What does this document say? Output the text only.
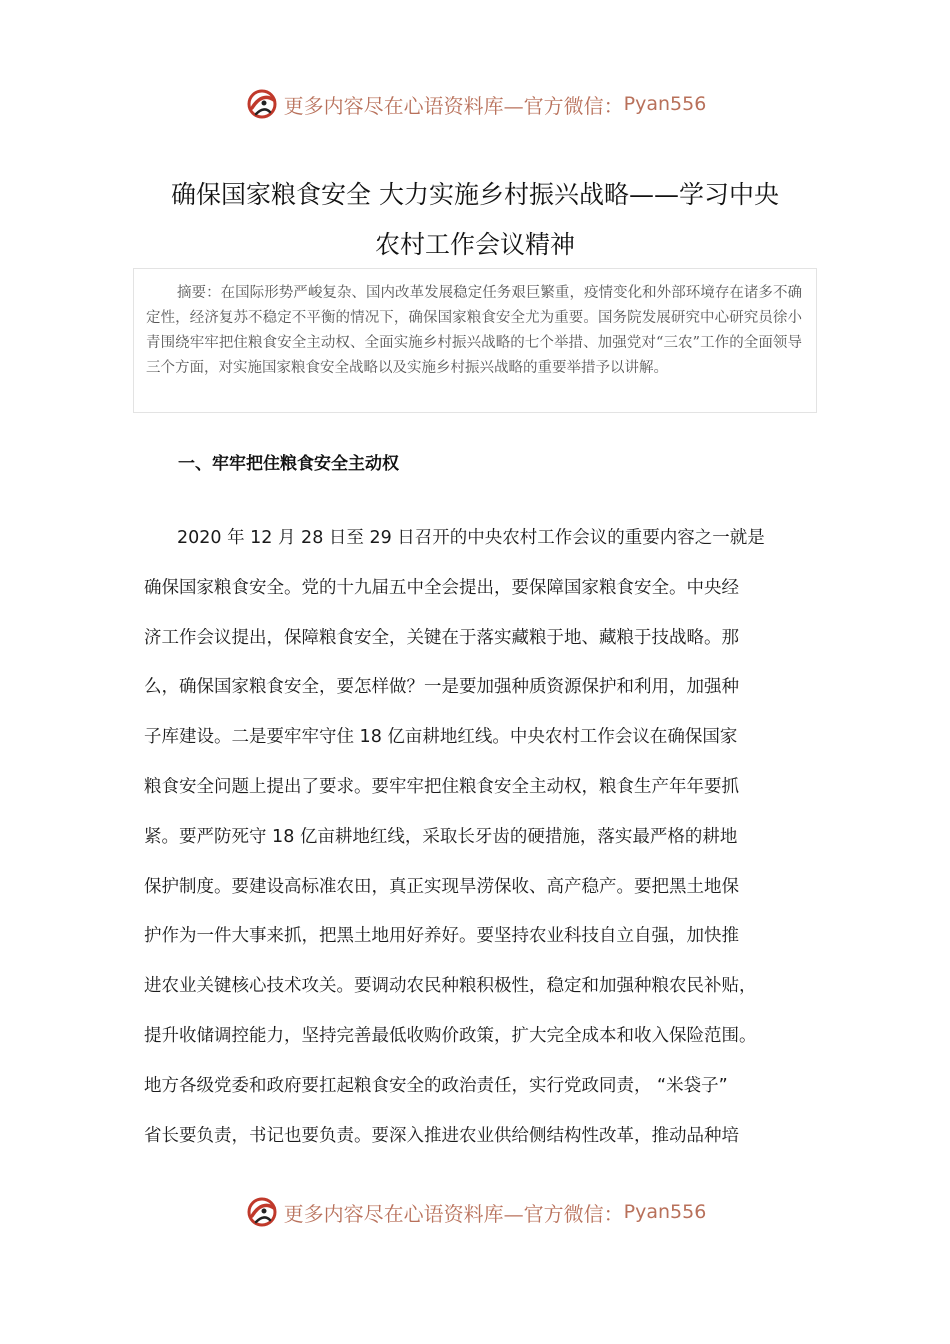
更多内容尽在心语资料库—官方微信： Pyan556
确保国家粮食安全 大力实施乡村振兴战略——学习中央
农村工作会议精神
摘要：在国际形势严峻复杂、国内改革发展稳定任务艰巨繁重，疫情变化和外部环境存在诸多不确定性，经济复苏不稳定不平衡的情况下，确保国家粮食安全尤为重要。国务院发展研究中心研究员徐小青围绕牢牢把住粮食安全主动权、全面实施乡村振兴战略的七个举措、加强党对“三农”工作的全面领导三个方面，对实施国家粮食安全战略以及实施乡村振兴战略的重要举措予以讲解。
一、牢牢把住粮食安全主动权
2020 年 12 月 28 日至 29 日召开的中央农村工作会议的重要内容之一就是
确保国家粮食安全。党的十九届五中全会提出，要保障国家粮食安全。中央经
济工作会议提出，保障粮食安全，关键在于落实藏粮于地、藏粮于技战略。那
么，确保国家粮食安全，要怎样做？一是要加强种质资源保护和利用，加强种
子库建设。二是要牢牢守住 18 亿亩耕地红线。中央农村工作会议在确保国家
粮食安全问题上提出了要求。要牢牢把住粮食安全主动权，粮食生产年年要抓
紧。要严防死守 18 亿亩耕地红线，采取长牙齿的硬措施，落实最严格的耕地
保护制度。要建设高标准农田，真正实现旱涝保收、高产稳产。要把黑土地保
护作为一件大事来抓，把黑土地用好养好。要坚持农业科技自立自强，加快推
进农业关键核心技术攻关。要调动农民种粮积极性，稳定和加强种粮农民补贴，
提升收储调控能力，坚持完善最低收购价政策，扩大完全成本和收入保险范围。
地方各级党委和政府要扛起粮食安全的政治责任，实行党政同责， “米袋子”
省长要负责，书记也要负责。要深入推进农业供给侧结构性改革，推动品种培
更多内容尽在心语资料库—官方微信： Pyan556
